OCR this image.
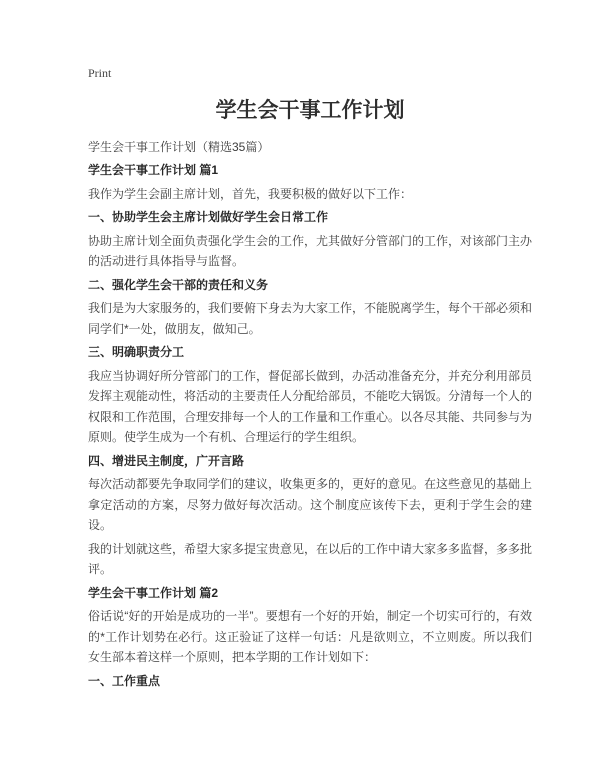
Print
学生会干事工作计划
学生会干事工作计划（精选35篇）
学生会干事工作计划 篇1

我作为学生会副主席计划，首先，我要积极的做好以下工作：

一、协助学生会主席计划做好学生会日常工作

协助主席计划全面负责强化学生会的工作，尤其做好分管部门的工作，对该部门主办的活动进行具体指导与监督。

二、强化学生会干部的责任和义务

我们是为大家服务的，我们要俯下身去为大家工作，不能脱离学生，每个干部必须和同学们*一处，做朋友，做知己。

三、明确职责分工

我应当协调好所分管部门的工作，督促部长做到，办活动准备充分，并充分利用部员发挥主观能动性，将活动的主要责任人分配给部员，不能吃大锅饭。分清每一个人的权限和工作范围，合理安排每一个人的工作量和工作重心。以各尽其能、共同参与为原则。使学生成为一个有机、合理运行的学生组织。

四、增进民主制度，广开言路

每次活动都要先争取同学们的建议，收集更多的，更好的意见。在这些意见的基础上拿定活动的方案，尽努力做好每次活动。这个制度应该传下去，更利于学生会的建设。

我的计划就这些，希望大家多提宝贵意见，在以后的工作中请大家多多监督，多多批评。

学生会干事工作计划 篇2

俗话说“好的开始是成功的一半”。要想有一个好的开始，制定一个切实可行的，有效的*工作计划势在必行。这正验证了这样一句话：凡是欲则立，不立则废。所以我们女生部本着这样一个原则，把本学期的工作计划如下：

一、工作重点
